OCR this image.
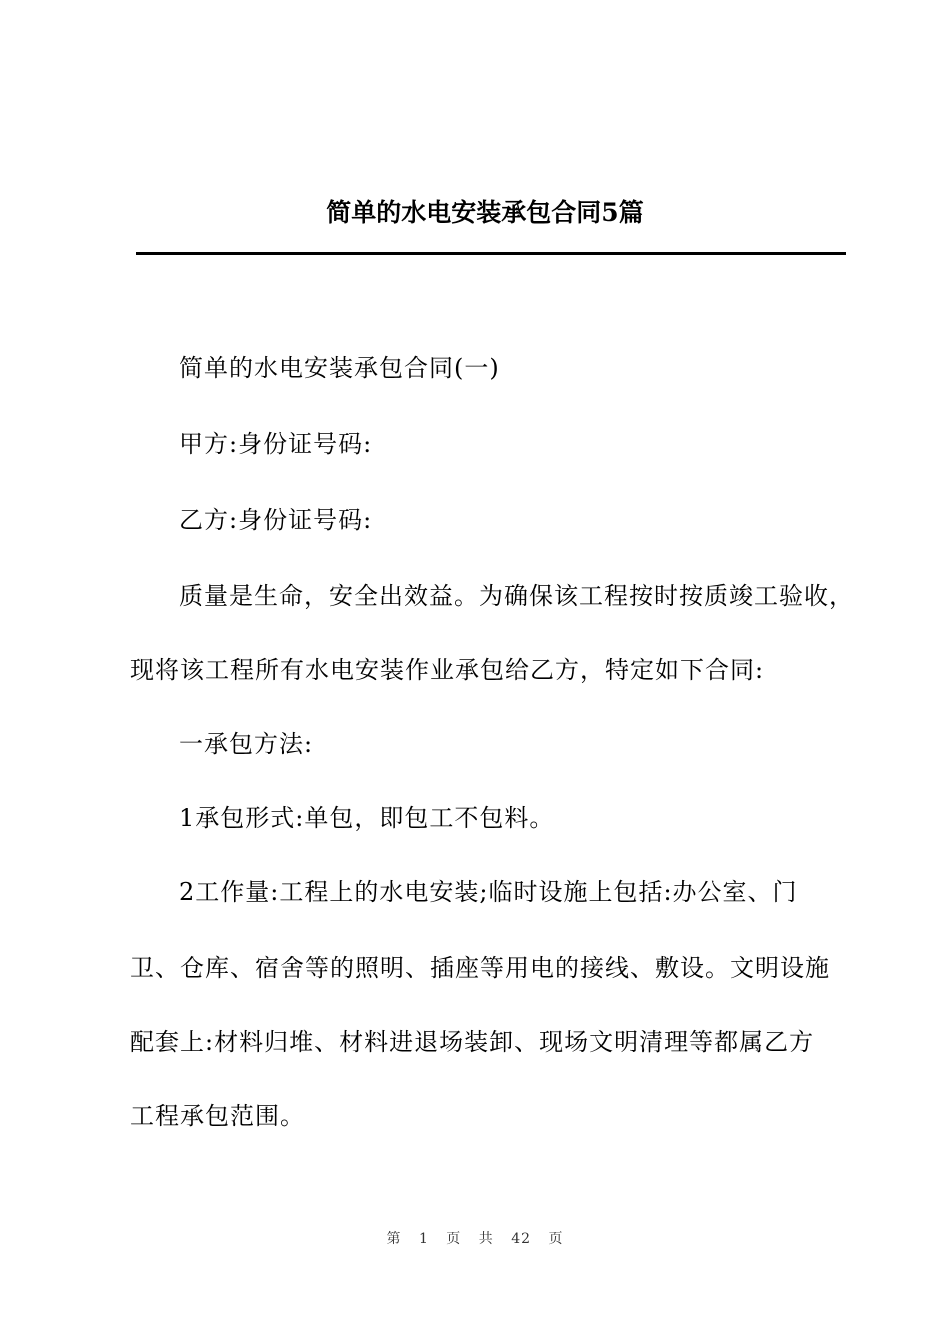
简单的水电安装承包合同5篇
简单的水电安装承包合同(一)
甲方:身份证号码:
乙方:身份证号码:
质量是生命，安全出效益。为确保该工程按时按质竣工验收，
现将该工程所有水电安装作业承包给乙方，特定如下合同:
一承包方法:
1承包形式:单包，即包工不包料。
2工作量:工程上的水电安装;临时设施上包括:办公室、门
卫、仓库、宿舍等的照明、插座等用电的接线、敷设。文明设施
配套上:材料归堆、材料进退场装卸、现场文明清理等都属乙方
工程承包范围。
第 1 页 共 42 页
